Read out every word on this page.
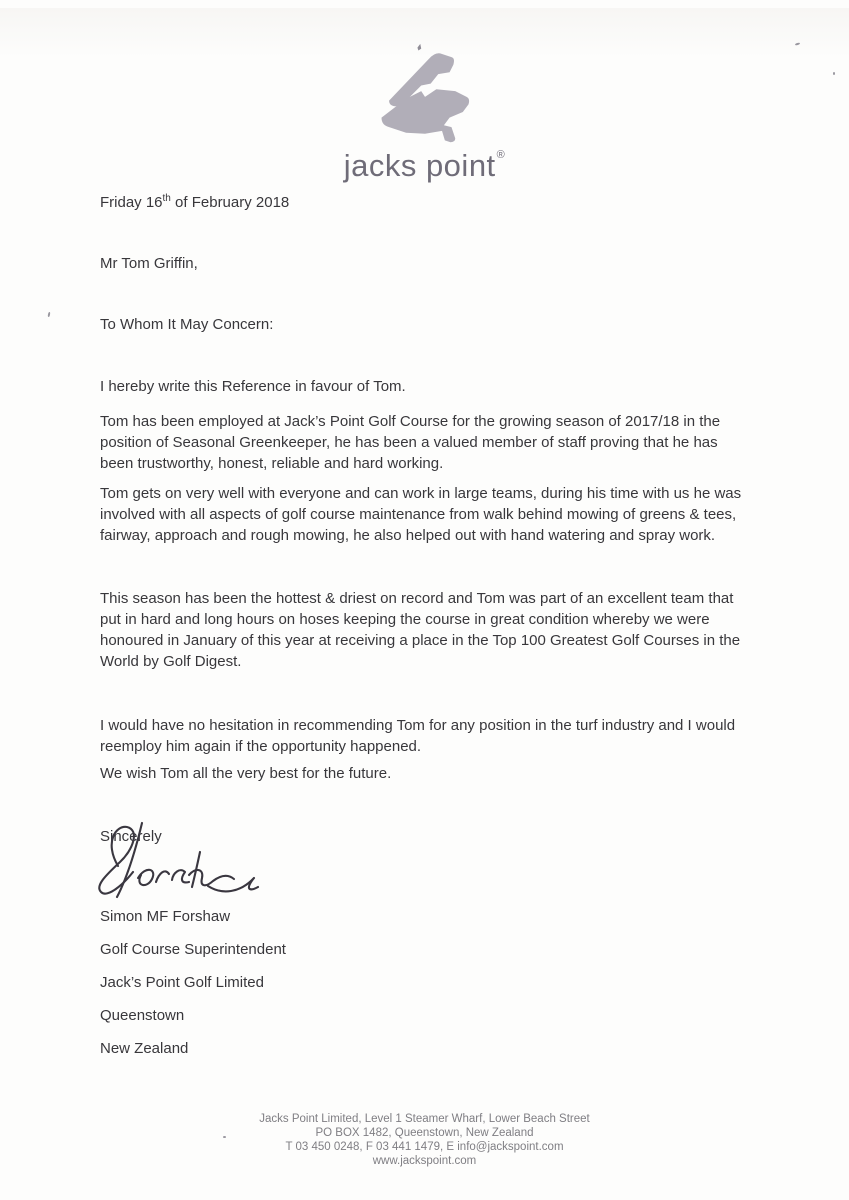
jacks point®

Friday 16th of February 2018

Mr Tom Griffin,

To Whom It May Concern:

I hereby write this Reference in favour of Tom.

Tom has been employed at Jack’s Point Golf Course for the growing season of 2017/18 in the position of Seasonal Greenkeeper, he has been a valued member of staff proving that he has been trustworthy, honest, reliable and hard working.

Tom gets on very well with everyone and can work in large teams, during his time with us he was involved with all aspects of golf course maintenance from walk behind mowing of greens & tees, fairway, approach and rough mowing, he also helped out with hand watering and spray work.

This season has been the hottest & driest on record and Tom was part of an excellent team that put in hard and long hours on hoses keeping the course in great condition whereby we were honoured in January of this year at receiving a place in the Top 100 Greatest Golf Courses in the World by Golf Digest.

I would have no hesitation in recommending Tom for any position in the turf industry and I would reemploy him again if the opportunity happened.

We wish Tom all the very best for the future.

Sincerely

Simon MF Forshaw

Golf Course Superintendent

Jack’s Point Golf Limited

Queenstown

New Zealand

Jacks Point Limited, Level 1 Steamer Wharf, Lower Beach Street
PO BOX 1482, Queenstown, New Zealand
T 03 450 0248, F 03 441 1479, E info@jackspoint.com
www.jackspoint.com
